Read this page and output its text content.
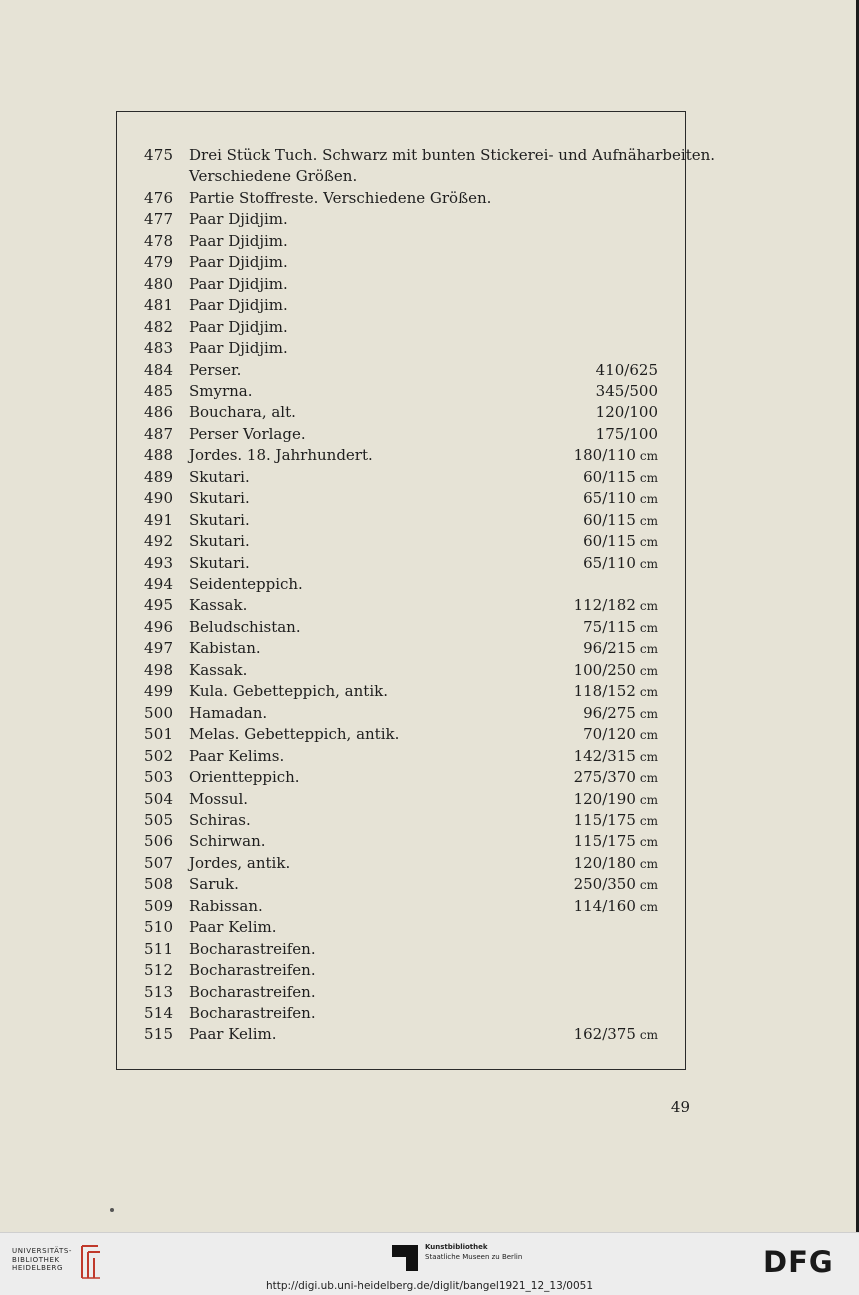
475	Drei Stück Tuch. Schwarz mit bunten Stickerei- und Aufnäharbeiten.
Verschiedene Größen.
476	Partie Stoffreste. Verschiedene Größen.
477	Paar Djidjim.
478	Paar Djidjim.
479	Paar Djidjim.
480	Paar Djidjim.
481	Paar Djidjim.
482	Paar Djidjim.
483	Paar Djidjim.
484	Perser.	410/625
485	Smyrna.	345/500
486	Bouchara, alt.	120/100
487	Perser Vorlage.	175/100
488	Jordes. 18. Jahrhundert.	180/110 cm
489	Skutari.	60/115 cm
490	Skutari.	65/110 cm
491	Skutari.	60/115 cm
492	Skutari.	60/115 cm
493	Skutari.	65/110 cm
494	Seidenteppich.
495	Kassak.	112/182 cm
496	Beludschistan.	75/115 cm
497	Kabistan.	96/215 cm
498	Kassak.	100/250 cm
499	Kula. Gebetteppich, antik.	118/152 cm
500	Hamadan.	96/275 cm
501	Melas. Gebetteppich, antik.	70/120 cm
502	Paar Kelims.	142/315 cm
503	Orientteppich.	275/370 cm
504	Mossul.	120/190 cm
505	Schiras.	115/175 cm
506	Schirwan.	115/175 cm
507	Jordes, antik.	120/180 cm
508	Saruk.	250/350 cm
509	Rabissan.	114/160 cm
510	Paar Kelim.
511	Bocharastreifen.
512	Bocharastreifen.
513	Bocharastreifen.
514	Bocharastreifen.
515	Paar Kelim.	162/375 cm
49
UNIVERSITÄTS-
BIBLIOTHEK
HEIDELBERG
Kunstbibliothek
Staatliche Museen zu Berlin	DFG
http://digi.ub.uni-heidelberg.de/diglit/bangel1921_12_13/0051
